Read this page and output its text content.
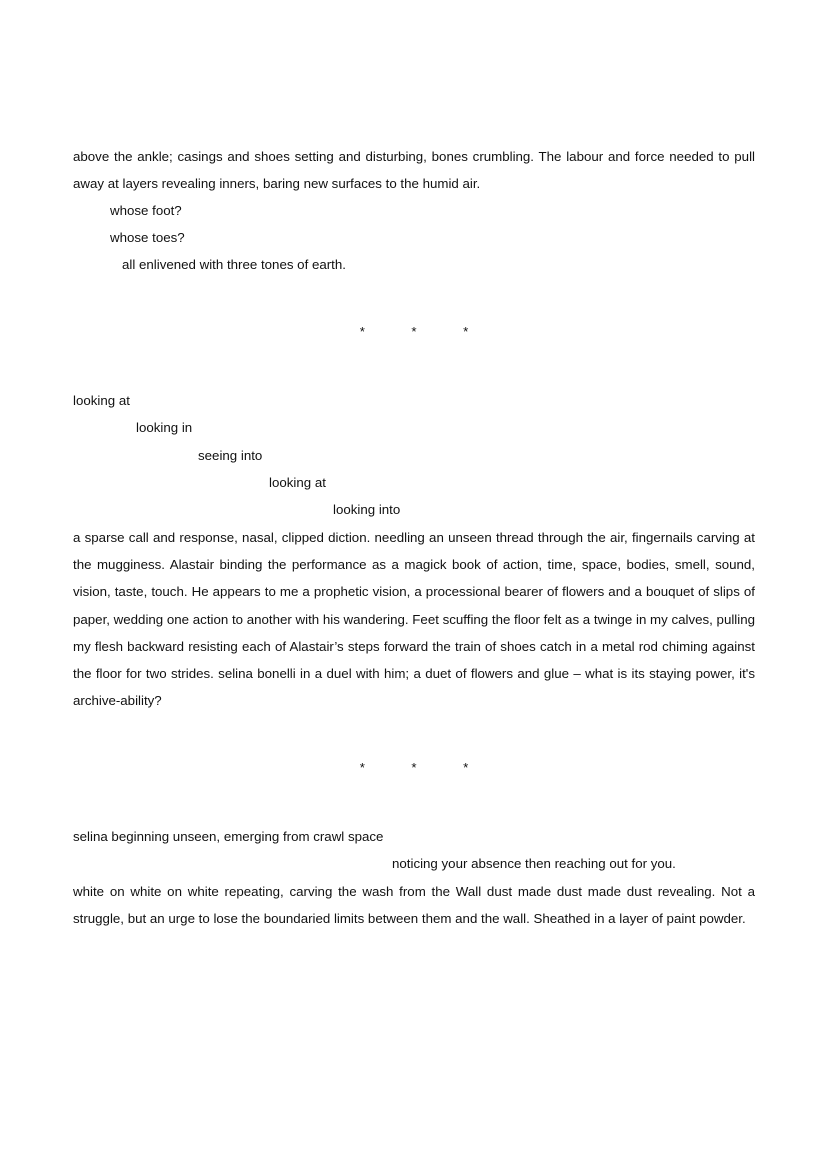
above the ankle; casings and shoes setting and disturbing, bones crumbling. The labour and force needed to pull away at layers revealing inners, baring new surfaces to the humid air.
whose foot?
whose toes?
all enlivened with three tones of earth.
*	*	*
looking at
looking in
seeing into
looking at
looking into
a sparse call and response, nasal, clipped diction. needling an unseen thread through the air, fingernails carving at the mugginess. Alastair binding the performance as a magick book of action, time, space, bodies, smell, sound, vision, taste, touch. He appears to me a prophetic vision, a processional bearer of flowers and a bouquet of slips of paper, wedding one action to another with his wandering. Feet scuffing the floor felt as a twinge in my calves, pulling my flesh backward resisting each of Alastair’s steps forward the train of shoes catch in a metal rod chiming against the floor for two strides. selina bonelli in a duel with him; a duet of flowers and glue – what is its staying power, it's archive-ability?
*	*	*
selina beginning unseen, emerging from crawl space
noticing your absence then reaching out for you.
white on white on white repeating, carving the wash from the Wall dust made dust made dust revealing. Not a struggle, but an urge to lose the boundaried limits between them and the wall. Sheathed in a layer of paint powder.
